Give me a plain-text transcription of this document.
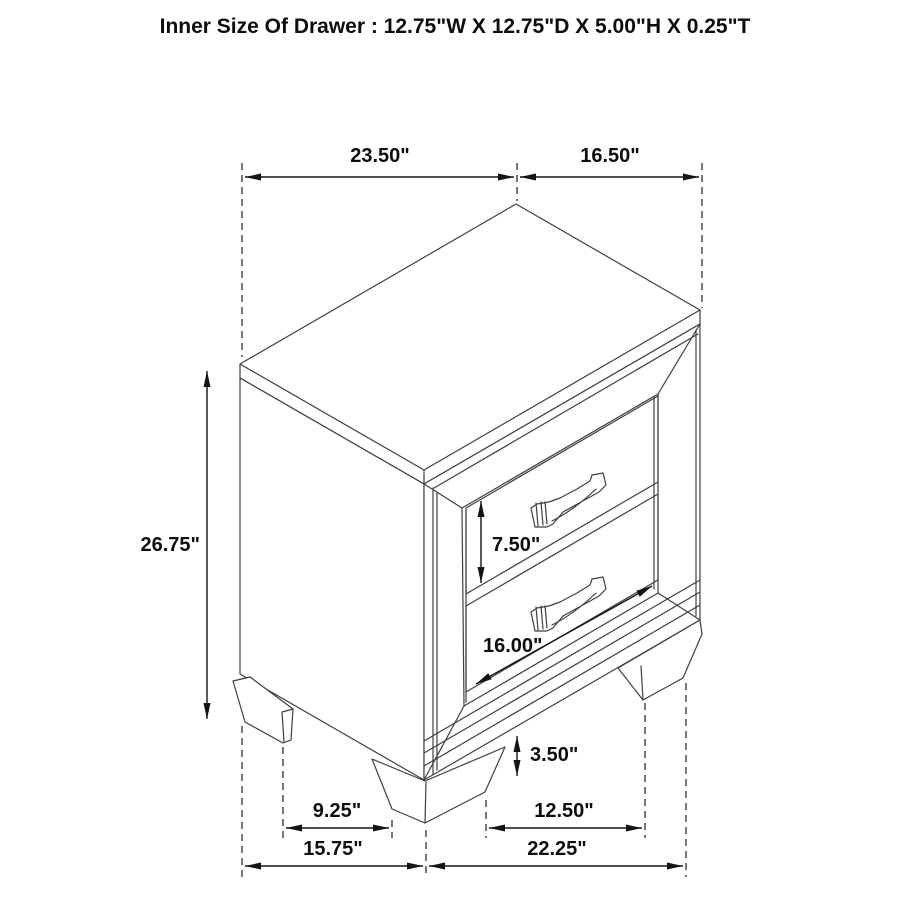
Inner Size Of Drawer : 12.75"W X 12.75"D X 5.00"H X 0.25"T
23.50"	16.50"
26.75"	7.50"
16.00"
3.50"
9.25"	12.50"
15.75"	22.25"
